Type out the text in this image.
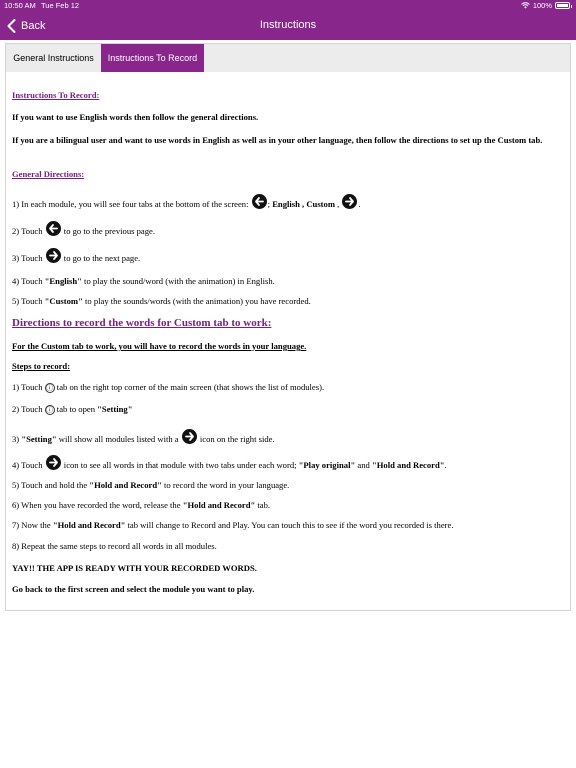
10:50 AM Tue Feb 12	100%
Back	Instructions
General Instructions	Instructions To Record
Instructions To Record:
If you want to use English words then follow the general directions.
If you are a bilingual user and want to use words in English as well as in your other language, then follow the directions to set up the Custom tab.
General Directions:
1) In each module, you will see four tabs at the bottom of the screen:
; English , Custom ,
.
2) Touch
to go to the previous page.
3) Touch
to go to the next page.
4) Touch "English" to play the sound/word (with the animation) in English.
5) Touch "Custom" to play the sounds/words (with the animation) you have recorded.
Directions to record the words for Custom tab to work:
For the Custom tab to work, you will have to record the words in your language.
Steps to record:
1) Touch ⓘ tab on the right top corner of the main screen (that shows the list of modules).
2) Touch ⓘ tab to open "Setting"
3) "Setting" will show all modules listed with a
icon on the right side.
4) Touch
icon to see all words in that module with two tabs under each word; "Play original" and "Hold and Record".
5) Touch and hold the "Hold and Record" to record the word in your language.
6) When you have recorded the word, release the "Hold and Record" tab.
7) Now the "Hold and Record" tab will change to Record and Play. You can touch this to see if the word you recorded is there.
8) Repeat the same steps to record all words in all modules.
YAY!! THE APP IS READY WITH YOUR RECORDED WORDS.
Go back to the first screen and select the module you want to play.
